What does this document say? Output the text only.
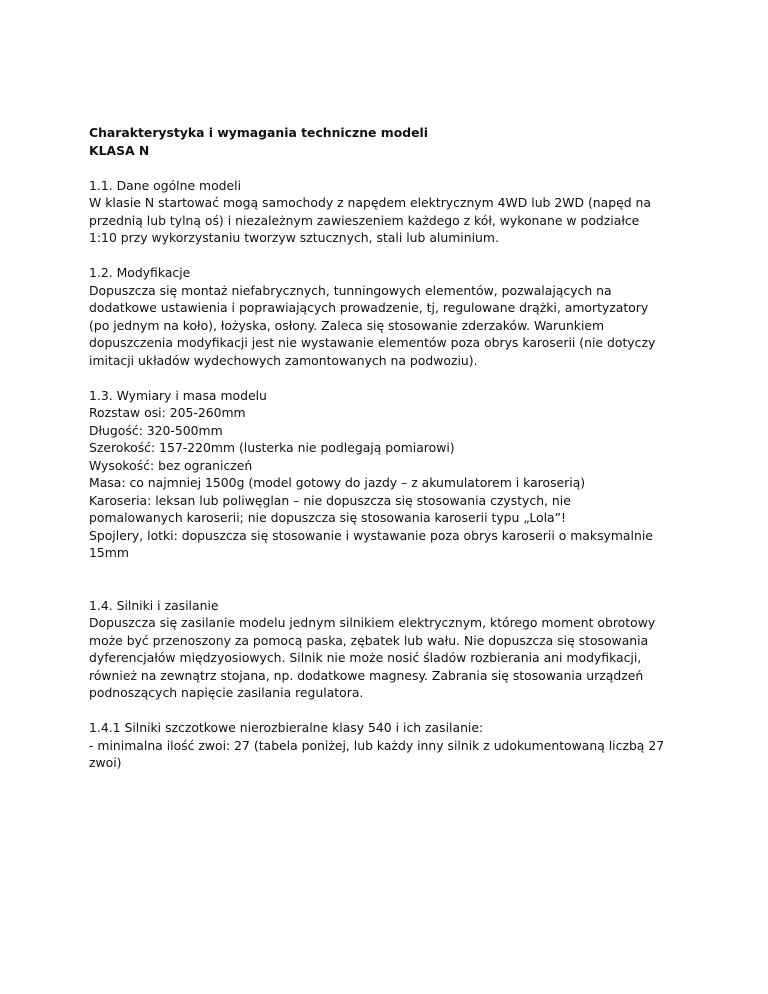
Charakterystyka i wymagania techniczne modeli
KLASA N
1.1. Dane ogólne modeli
W klasie N startować mogą samochody z napędem elektrycznym 4WD lub 2WD (napęd na
przednią lub tylną oś) i niezależnym zawieszeniem każdego z kół, wykonane w podziałce
1:10 przy wykorzystaniu tworzyw sztucznych, stali lub aluminium.
1.2. Modyfikacje
Dopuszcza się montaż niefabrycznych, tunningowych elementów, pozwalających na
dodatkowe ustawienia i poprawiających prowadzenie, tj, regulowane drążki, amortyzatory
(po jednym na koło), łożyska, osłony. Zaleca się stosowanie zderzaków. Warunkiem
dopuszczenia modyfikacji jest nie wystawanie elementów poza obrys karoserii (nie dotyczy
imitacji układów wydechowych zamontowanych na podwoziu).
1.3. Wymiary i masa modelu
Rozstaw osi: 205-260mm
Długość: 320-500mm
Szerokość: 157-220mm (lusterka nie podlegają pomiarowi)
Wysokość: bez ograniczeń
Masa: co najmniej 1500g (model gotowy do jazdy – z akumulatorem i karoserią)
Karoseria: leksan lub poliwęglan – nie dopuszcza się stosowania czystych, nie
pomalowanych karoserii; nie dopuszcza się stosowania karoserii typu „Lola”!
Spojlery, lotki: dopuszcza się stosowanie i wystawanie poza obrys karoserii o maksymalnie
15mm
1.4. Silniki i zasilanie
Dopuszcza się zasilanie modelu jednym silnikiem elektrycznym, którego moment obrotowy
może być przenoszony za pomocą paska, zębatek lub wału. Nie dopuszcza się stosowania
dyferencjałów międzyosiowych. Silnik nie może nosić śladów rozbierania ani modyfikacji,
również na zewnątrz stojana, np. dodatkowe magnesy. Zabrania się stosowania urządzeń
podnoszących napięcie zasilania regulatora.
1.4.1 Silniki szczotkowe nierozbieralne klasy 540 i ich zasilanie:
- minimalna ilość zwoi: 27 (tabela poniżej, lub każdy inny silnik z udokumentowaną liczbą 27
zwoi)
